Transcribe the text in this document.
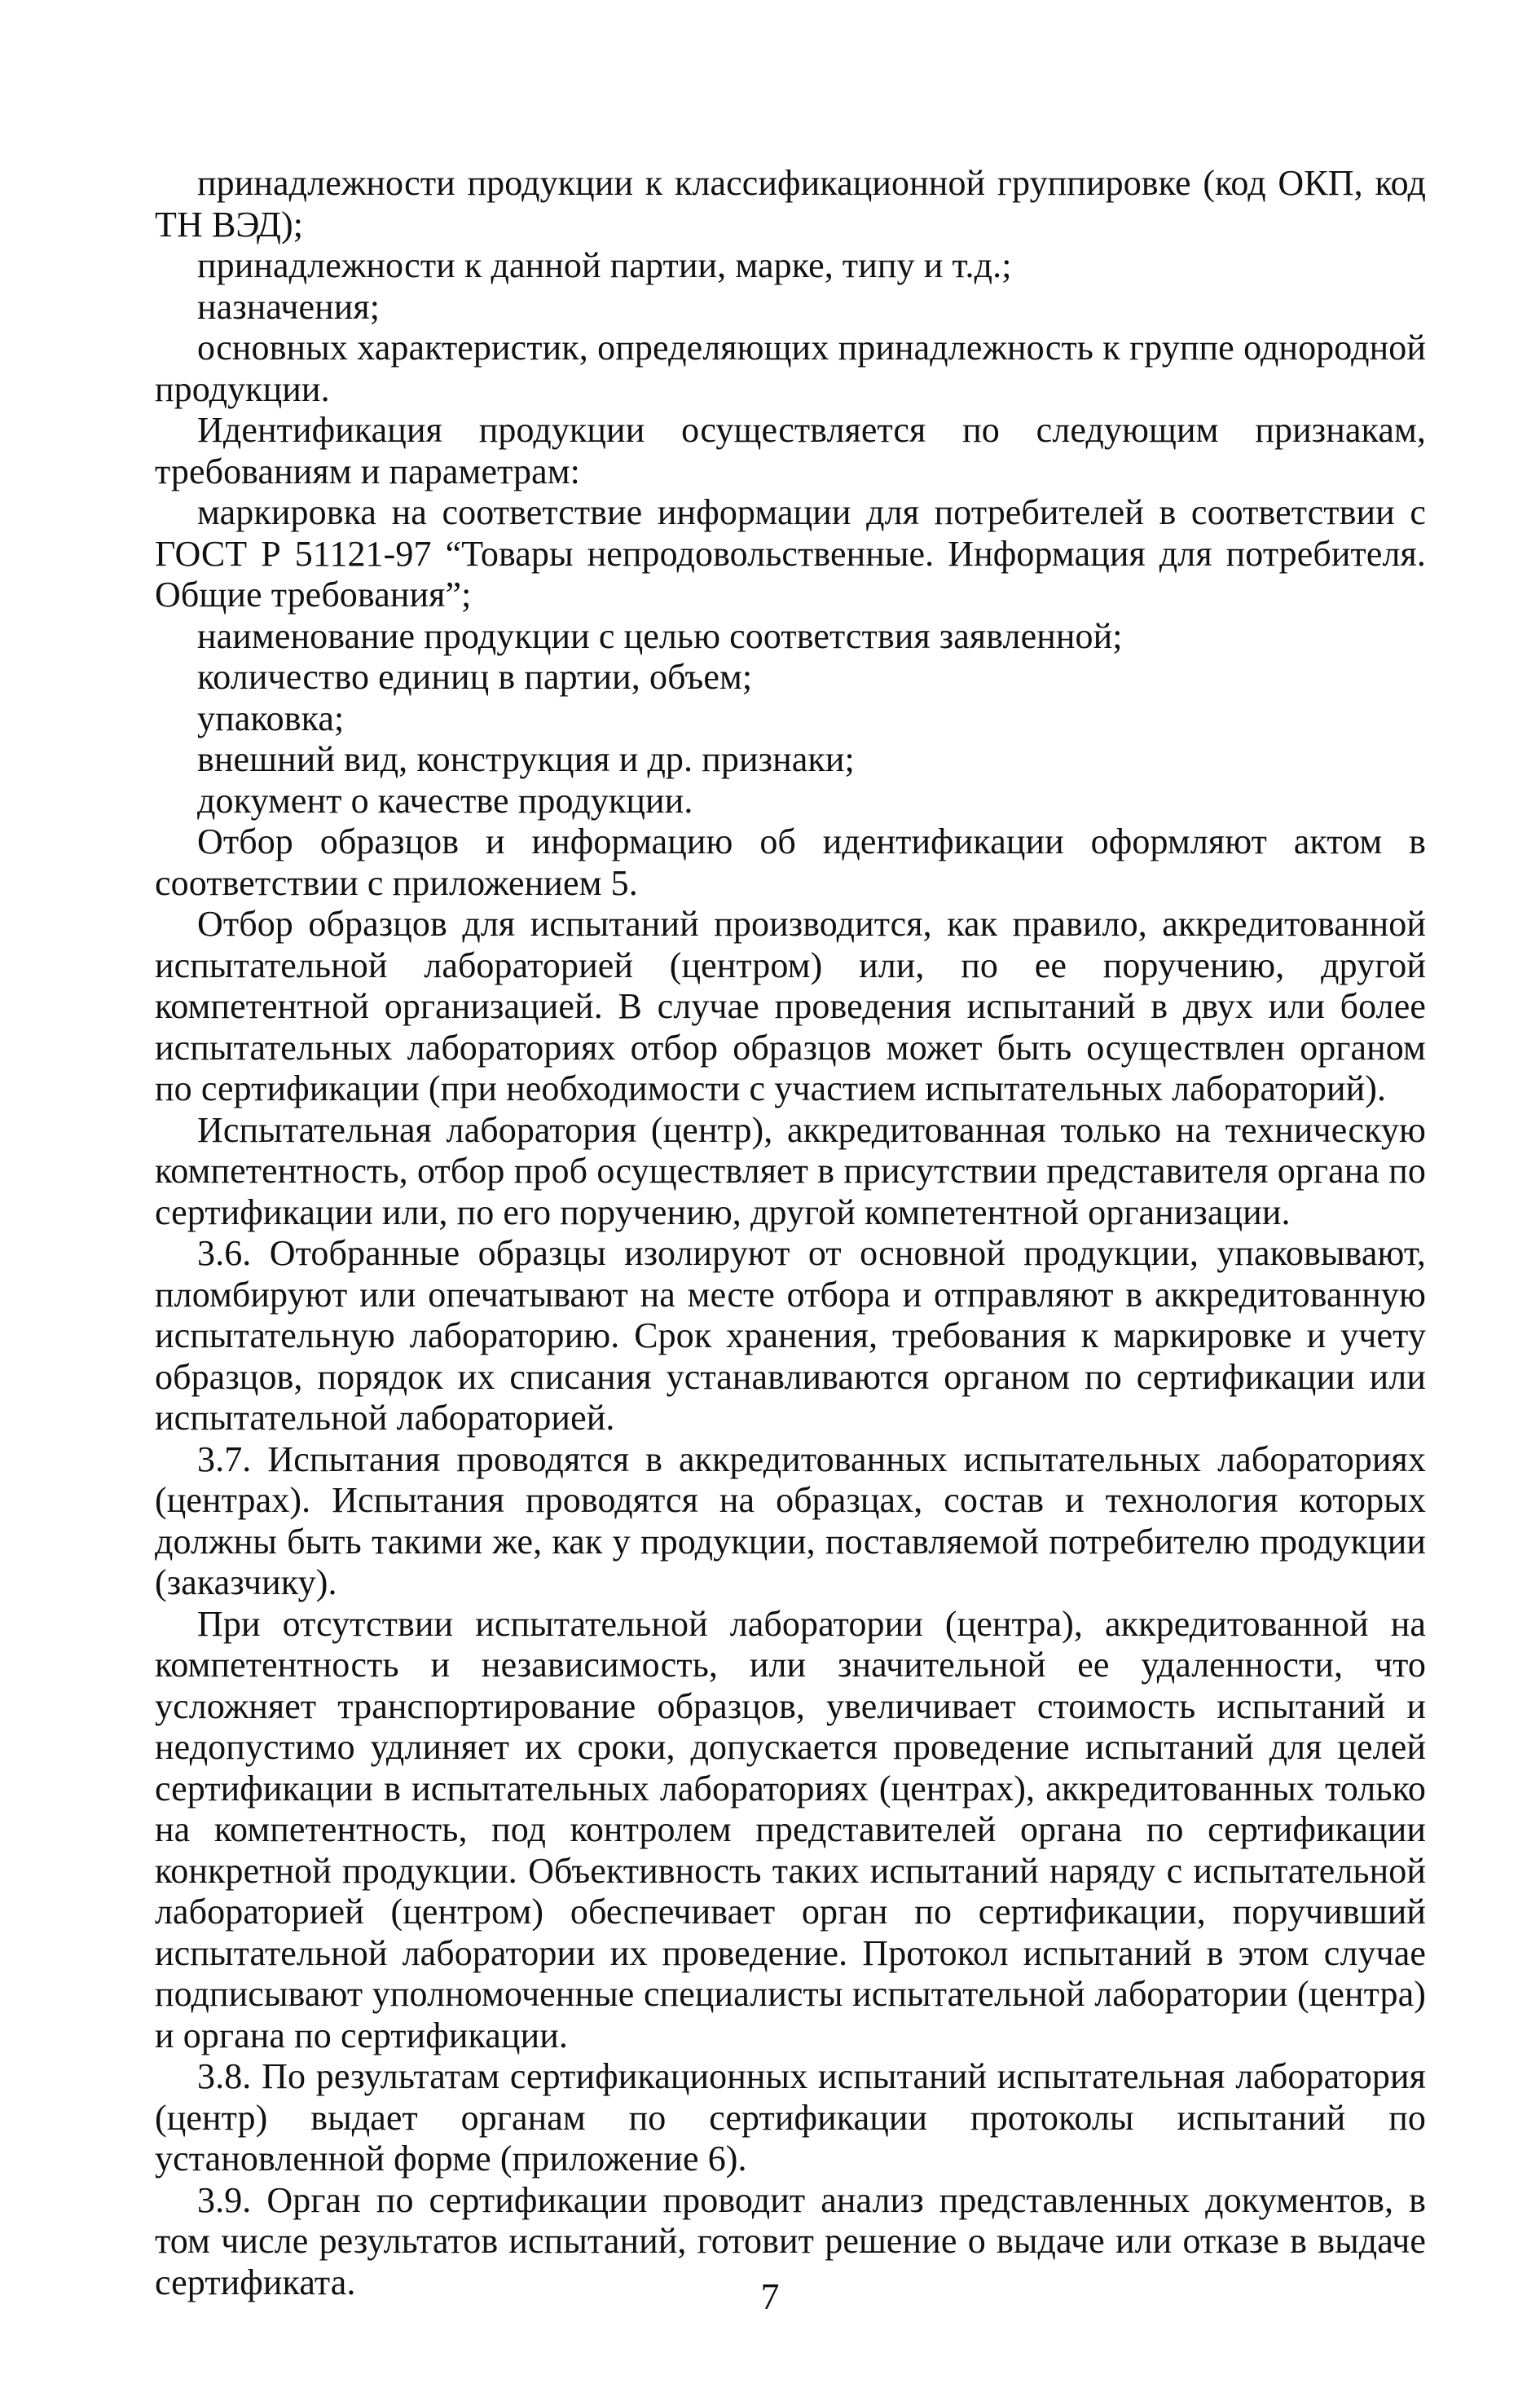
принадлежности продукции к классификационной группировке (код ОКП, код ТН ВЭД);

принадлежности к данной партии, марке, типу и т.д.;

назначения;

основных характеристик, определяющих принадлежность к группе однородной продукции.

Идентификация продукции осуществляется по следующим признакам, требованиям и параметрам:

маркировка на соответствие информации для потребителей в соответствии с ГОСТ Р 51121-97 “Товары непродовольственные. Информация для потребителя. Общие требования”;

наименование продукции с целью соответствия заявленной;

количество единиц в партии, объем;

упаковка;

внешний вид, конструкция и др. признаки;

документ о качестве продукции.

Отбор образцов и информацию об идентификации оформляют актом в соответствии с приложением 5.

Отбор образцов для испытаний производится, как правило, аккредитованной испытательной лабораторией (центром) или, по ее поручению, другой компетентной организацией. В случае проведения испытаний в двух или более испытательных лабораториях отбор образцов может быть осуществлен органом по сертификации (при необходимости с участием испытательных лабораторий).

Испытательная лаборатория (центр), аккредитованная только на техническую компетентность, отбор проб осуществляет в присутствии представителя органа по сертификации или, по его поручению, другой компетентной организации.

3.6. Отобранные образцы изолируют от основной продукции, упаковывают, пломбируют или опечатывают на месте отбора и отправляют в аккредитованную испытательную лабораторию. Срок хранения, требования к маркировке и учету образцов, порядок их списания устанавливаются органом по сертификации или испытательной лабораторией.

3.7. Испытания проводятся в аккредитованных испытательных лабораториях (центрах). Испытания проводятся на образцах, состав и технология которых должны быть такими же, как у продукции, поставляемой потребителю продукции (заказчику).

При отсутствии испытательной лаборатории (центра), аккредитованной на компетентность и независимость, или значительной ее удаленности, что усложняет транспортирование образцов, увеличивает стоимость испытаний и недопустимо удлиняет их сроки, допускается проведение испытаний для целей сертификации в испытательных лабораториях (центрах), аккредитованных только на компетентность, под контролем представителей органа по сертификации конкретной продукции. Объективность таких испытаний наряду с испытательной лабораторией (центром) обеспечивает орган по сертификации, поручивший испытательной лаборатории их проведение. Протокол испытаний в этом случае подписывают уполномоченные специалисты испытательной лаборатории (центра) и органа по сертификации.

3.8. По результатам сертификационных испытаний испытательная лаборатория (центр) выдает органам по сертификации протоколы испытаний по установленной форме (приложение 6).

3.9. Орган по сертификации проводит анализ представленных документов, в том числе результатов испытаний, готовит решение о выдаче или отказе в выдаче сертификата.	7
